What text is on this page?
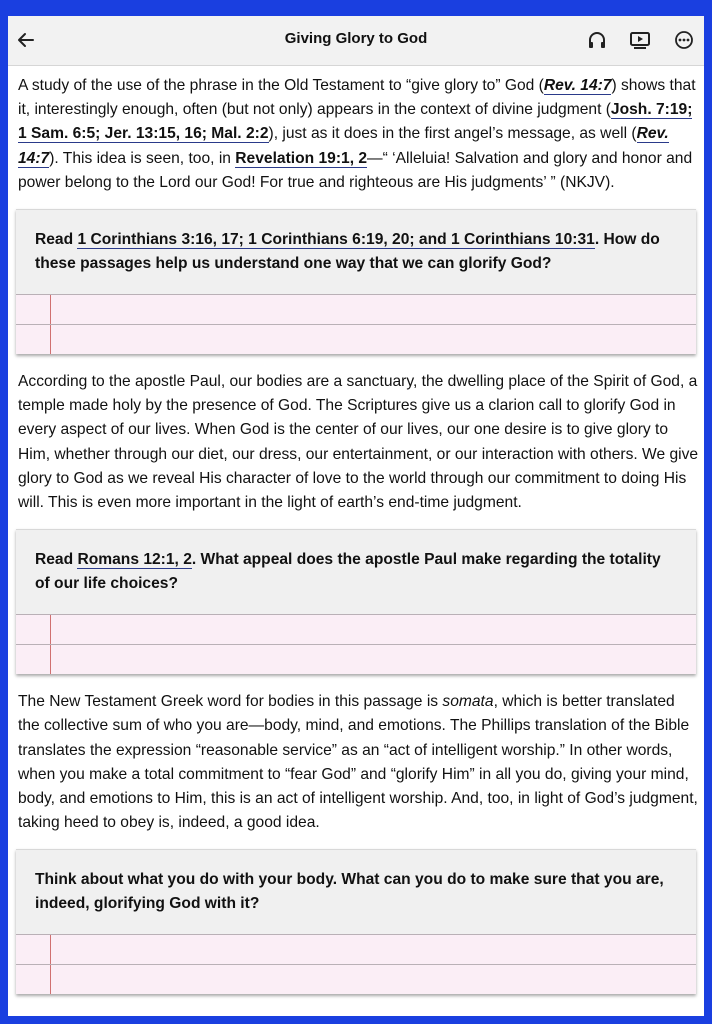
Giving Glory to God

A study of the use of the phrase in the Old Testament to “give glory to” God (Rev. 14:7) shows that it, interestingly enough, often (but not only) appears in the context of divine judgment (Josh. 7:19; 1 Sam. 6:5; Jer. 13:15, 16; Mal. 2:2), just as it does in the first angel’s message, as well (Rev. 14:7). This idea is seen, too, in Revelation 19:1, 2—“ ‘Alleluia! Salvation and glory and honor and power belong to the Lord our God! For true and righteous are His judgments’ ” (NKJV).

Read 1 Corinthians 3:16, 17; 1 Corinthians 6:19, 20; and 1 Corinthians 10:31. How do these passages help us understand one way that we can glorify God?

According to the apostle Paul, our bodies are a sanctuary, the dwelling place of the Spirit of God, a temple made holy by the presence of God. The Scriptures give us a clarion call to glorify God in every aspect of our lives. When God is the center of our lives, our one desire is to give glory to Him, whether through our diet, our dress, our entertainment, or our interaction with others. We give glory to God as we reveal His character of love to the world through our commitment to doing His will. This is even more important in the light of earth’s end-time judgment.

Read Romans 12:1, 2. What appeal does the apostle Paul make regarding the totality of our life choices?

The New Testament Greek word for bodies in this passage is somata, which is better translated the collective sum of who you are—body, mind, and emotions. The Phillips translation of the Bible translates the expression “reasonable service” as an “act of intelligent worship.” In other words, when you make a total commitment to “fear God” and “glorify Him” in all you do, giving your mind, body, and emotions to Him, this is an act of intelligent worship. And, too, in light of God’s judgment, taking heed to obey is, indeed, a good idea.

Think about what you do with your body. What can you do to make sure that you are, indeed, glorifying God with it?
